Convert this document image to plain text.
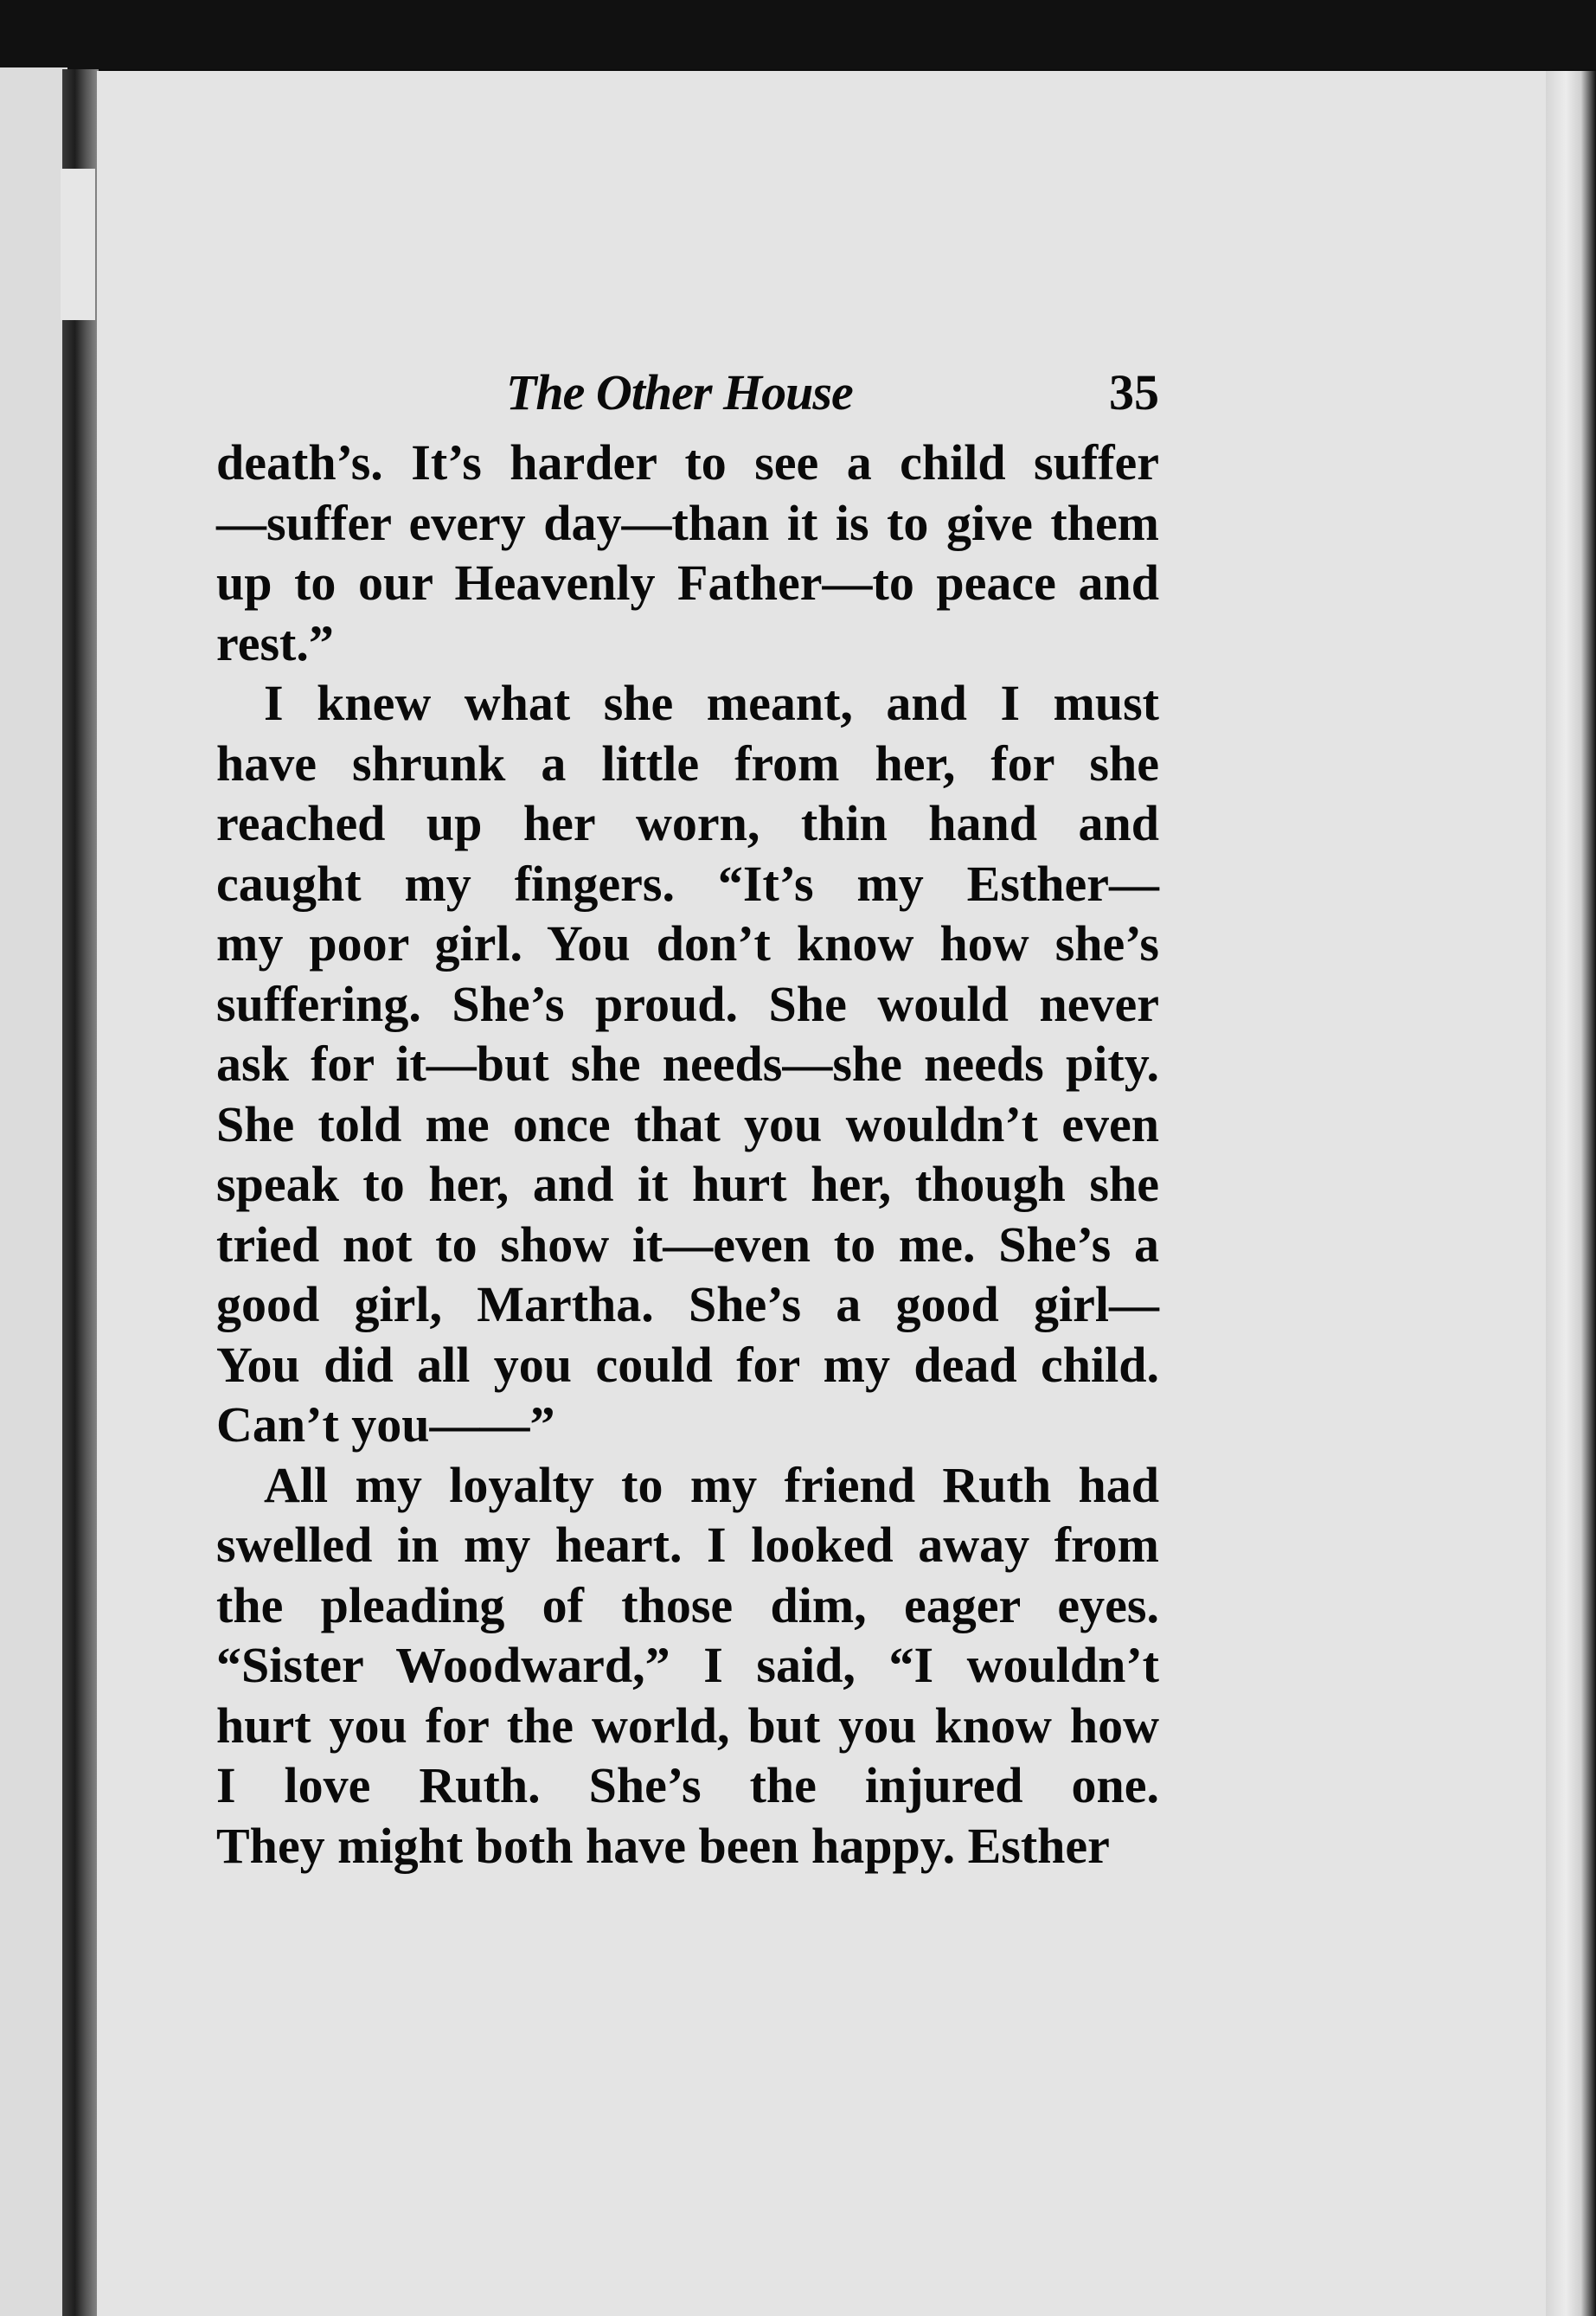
The Other House	35

death’s. It’s harder to see a child suffer
—suffer every day—than it is to give them
up to our Heavenly Father—to peace and
rest.”

I knew what she meant, and I must
have shrunk a little from her, for she
reached up her worn, thin hand and
caught my fingers. “It’s my Esther—
my poor girl. You don’t know how she’s
suffering. She’s proud. She would never
ask for it—but she needs—she needs pity.
She told me once that you wouldn’t even
speak to her, and it hurt her, though she
tried not to show it—even to me. She’s a
good girl, Martha. She’s a good girl—
You did all you could for my dead child.
Can’t you——”

All my loyalty to my friend Ruth had
swelled in my heart. I looked away from
the pleading of those dim, eager eyes.
“Sister Woodward,” I said, “I wouldn’t
hurt you for the world, but you know how
I love Ruth. She’s the injured one.
They might both have been happy. Esther
